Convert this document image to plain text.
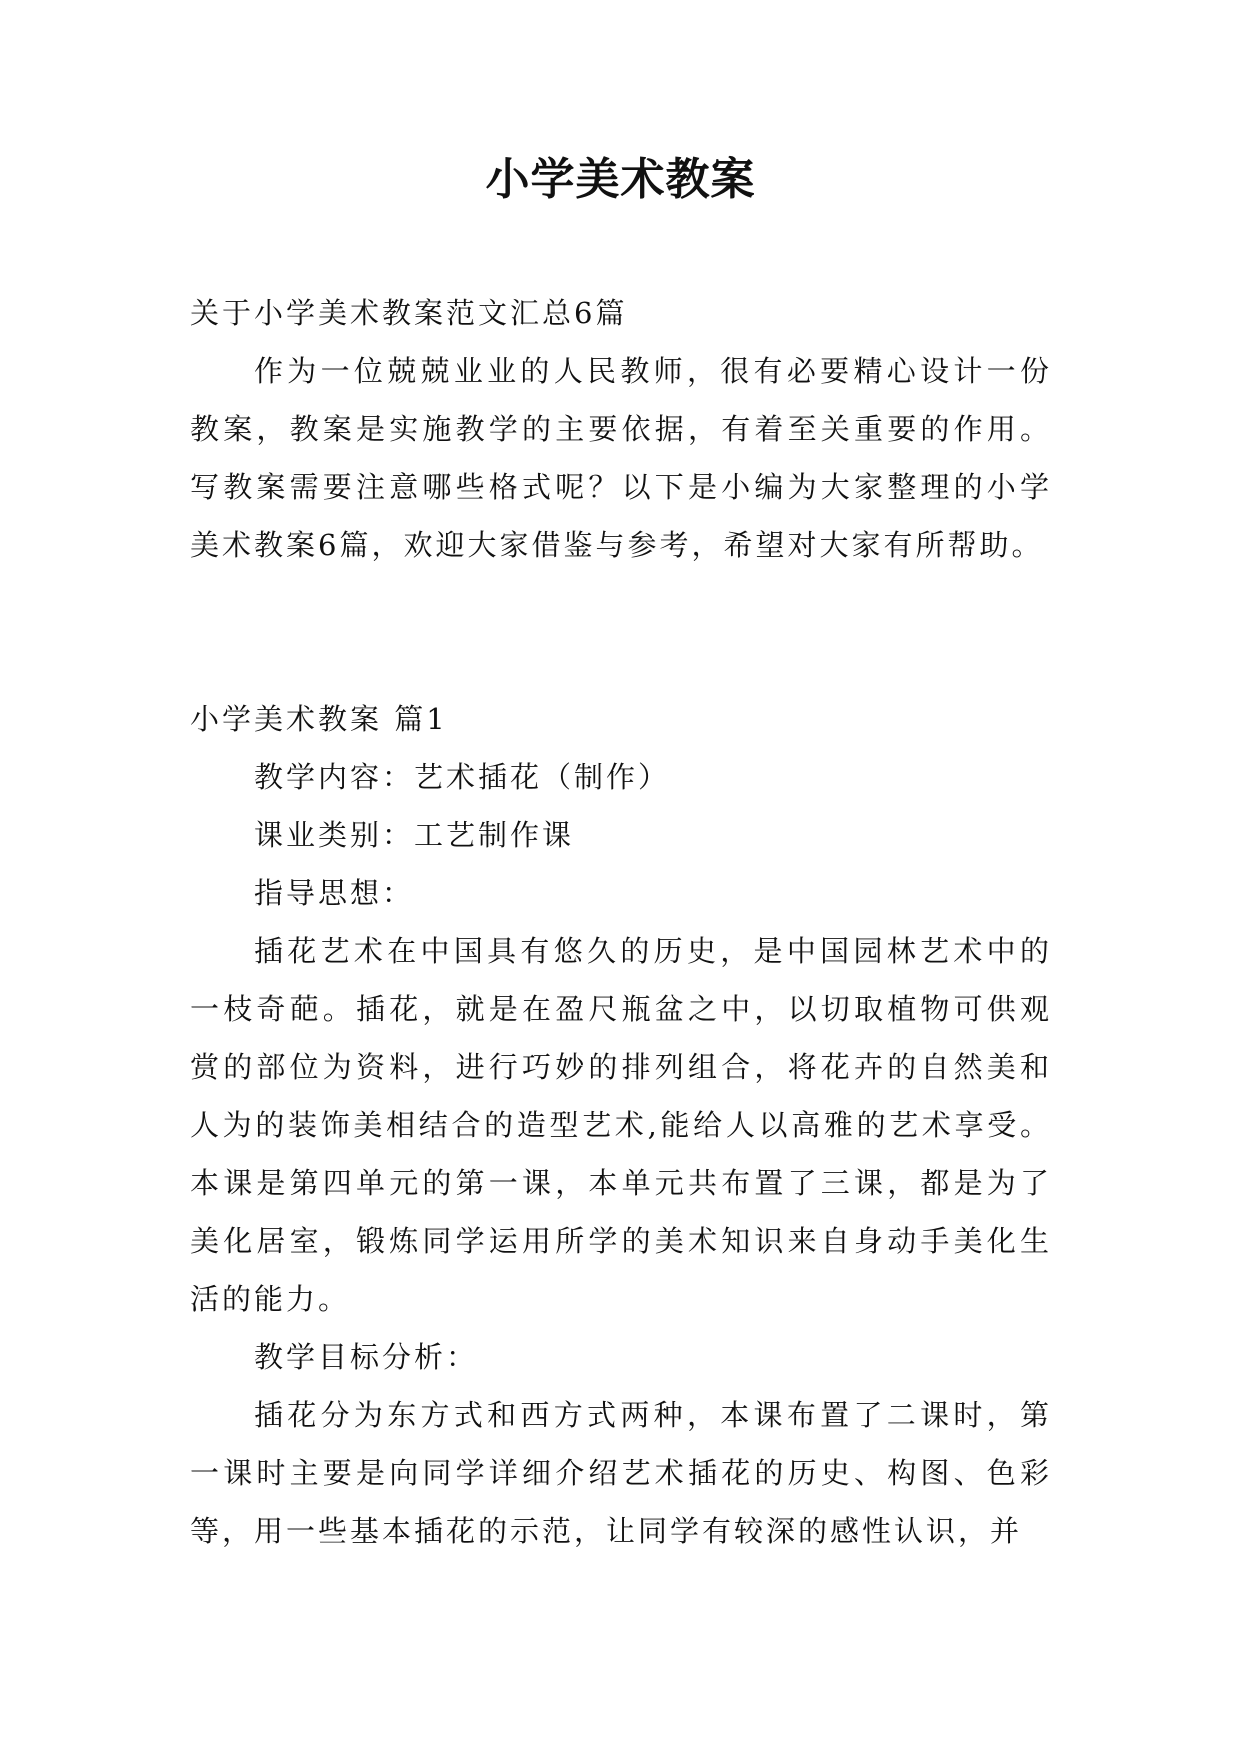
小学美术教案

关于小学美术教案范文汇总6篇

作为一位兢兢业业的人民教师，很有必要精心设计一份教案，教案是实施教学的主要依据，有着至关重要的作用。写教案需要注意哪些格式呢？以下是小编为大家整理的小学美术教案6篇，欢迎大家借鉴与参考，希望对大家有所帮助。

小学美术教案 篇1

教学内容：艺术插花（制作）

课业类别：工艺制作课

指导思想：

插花艺术在中国具有悠久的历史，是中国园林艺术中的一枝奇葩。插花，就是在盈尺瓶盆之中，以切取植物可供观赏的部位为资料，进行巧妙的排列组合，将花卉的自然美和人为的装饰美相结合的造型艺术,能给人以高雅的艺术享受。本课是第四单元的第一课，本单元共布置了三课，都是为了美化居室，锻炼同学运用所学的美术知识来自身动手美化生活的能力。

教学目标分析：

插花分为东方式和西方式两种，本课布置了二课时，第一课时主要是向同学详细介绍艺术插花的历史、构图、色彩等，用一些基本插花的示范，让同学有较深的感性认识，并
